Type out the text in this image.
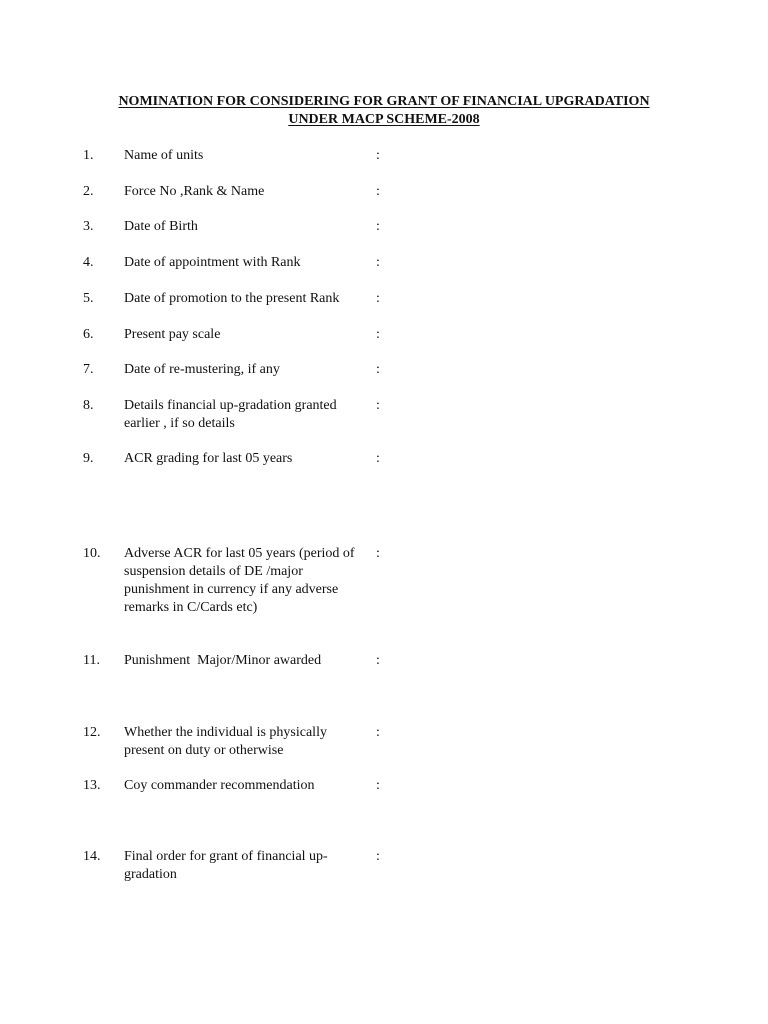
NOMINATION FOR CONSIDERING FOR GRANT OF FINANCIAL UPGRADATION
UNDER MACP SCHEME-2008
1. Name of units	:
2. Force No ,Rank & Name	:
3. Date of Birth	:
4. Date of appointment with Rank	:
5. Date of promotion to the present Rank	:
6. Present pay scale	:
7. Date of re-mustering, if any	:
8. Details financial up-gradation granted earlier , if so details
:
9. ACR grading for last 05 years	:
10. Adverse ACR for last 05 years (period of suspension details of DE /major punishment in currency if any adverse remarks in C/Cards etc)
:
11. Punishment  Major/Minor awarded	:
12. Whether the individual is physically present on duty or otherwise
:
13. Coy commander recommendation	:
14. Final order for grant of financial up-gradation
:
